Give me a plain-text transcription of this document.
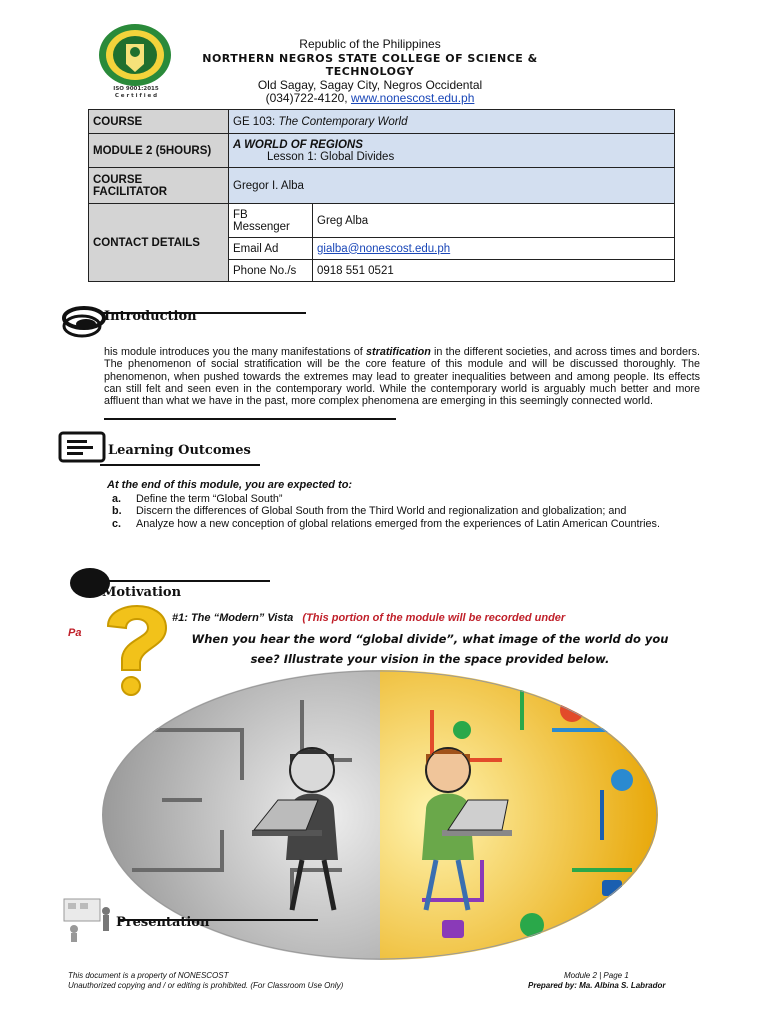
ISO 9001:2015
C e r t i f i e d
Republic of the Philippines
NORTHERN NEGROS STATE COLLEGE OF SCIENCE & TECHNOLOGY
Old Sagay, Sagay City, Negros Occidental
(034)722-4120, www.nonescost.edu.ph
COURSE	GE 103: The Contemporary World	
MODULE 2 (5HOURS)	A WORLD OF REGIONS
Lesson 1: Global Divides	

COURSE
FACILITATOR	Gregor I. Alba	
CONTACT DETAILS	FB
Messenger	Greg Alba
	Email Ad	gialba@nonescost.edu.ph
	Phone No./s	0918 551 0521
Introduction
his module introduces you the many manifestations of stratification in the different societies, and across times and borders. The phenomenon of social stratification will be the core feature of this module and will be discussed thoroughly. The phenomenon, when pushed towards the extremes may lead to greater inequalities between and among people. Its effects can still felt and seen even in the contemporary world. While the contemporary world is arguably much better and more affluent than what we have in the past, more complex phenomena are emerging in this seemingly connected world.
Learning Outcomes
At the end of this module, you are expected to:
a.	Define the term “Global South”
b.	Discern the differences of Global South from the Third World and regionalization and globalization; and
c.	Analyze how a new conception of global relations emerged from the experiences of Latin American Countries.
Motivation
#1: The “Modern” Vista (This portion of the module will be recorded under
Pa	When you hear the word “global divide”, what image of the world do you
see? Illustrate your vision in the space provided below.
Presentation
This document is a property of NONESCOST
Unauthorized copying and / or editing is prohibited. (For Classroom Use Only)
Module 2 | Page 1
Prepared by: Ma. Albina S. Labrador
